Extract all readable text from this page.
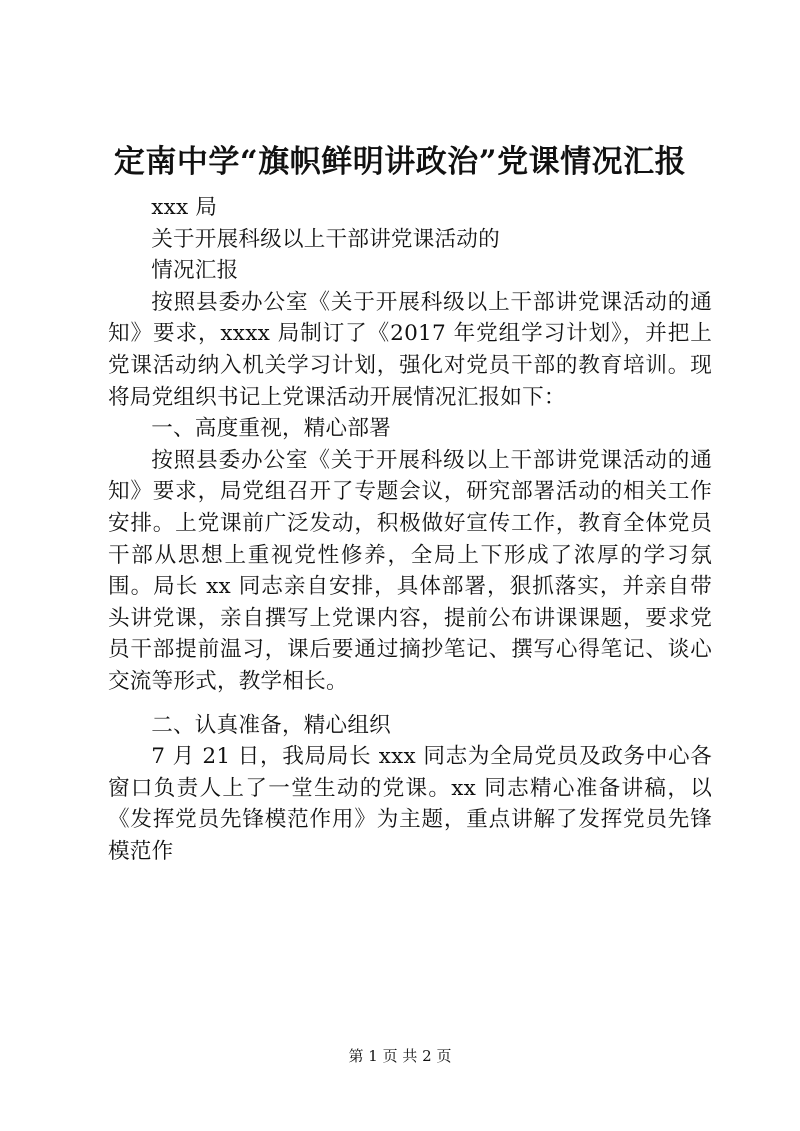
定南中学“旗帜鲜明讲政治”党课情况汇报

xxx 局

关于开展科级以上干部讲党课活动的

情况汇报

按照县委办公室《关于开展科级以上干部讲党课活动的通知》要求，xxxx 局制订了《2017 年党组学习计划》，并把上党课活动纳入机关学习计划，强化对党员干部的教育培训。现将局党组织书记上党课活动开展情况汇报如下：

一、高度重视，精心部署

按照县委办公室《关于开展科级以上干部讲党课活动的通知》要求，局党组召开了专题会议，研究部署活动的相关工作安排。上党课前广泛发动，积极做好宣传工作，教育全体党员干部从思想上重视党性修养，全局上下形成了浓厚的学习氛围。局长 xx 同志亲自安排，具体部署，狠抓落实，并亲自带头讲党课，亲自撰写上党课内容，提前公布讲课课题，要求党员干部提前温习，课后要通过摘抄笔记、撰写心得笔记、谈心交流等形式，教学相长。

二、认真准备，精心组织

7 月 21 日，我局局长 xxx 同志为全局党员及政务中心各窗口负责人上了一堂生动的党课。xx 同志精心准备讲稿，以《发挥党员先锋模范作用》为主题，重点讲解了发挥党员先锋模范作

第 1 页 共 2 页
